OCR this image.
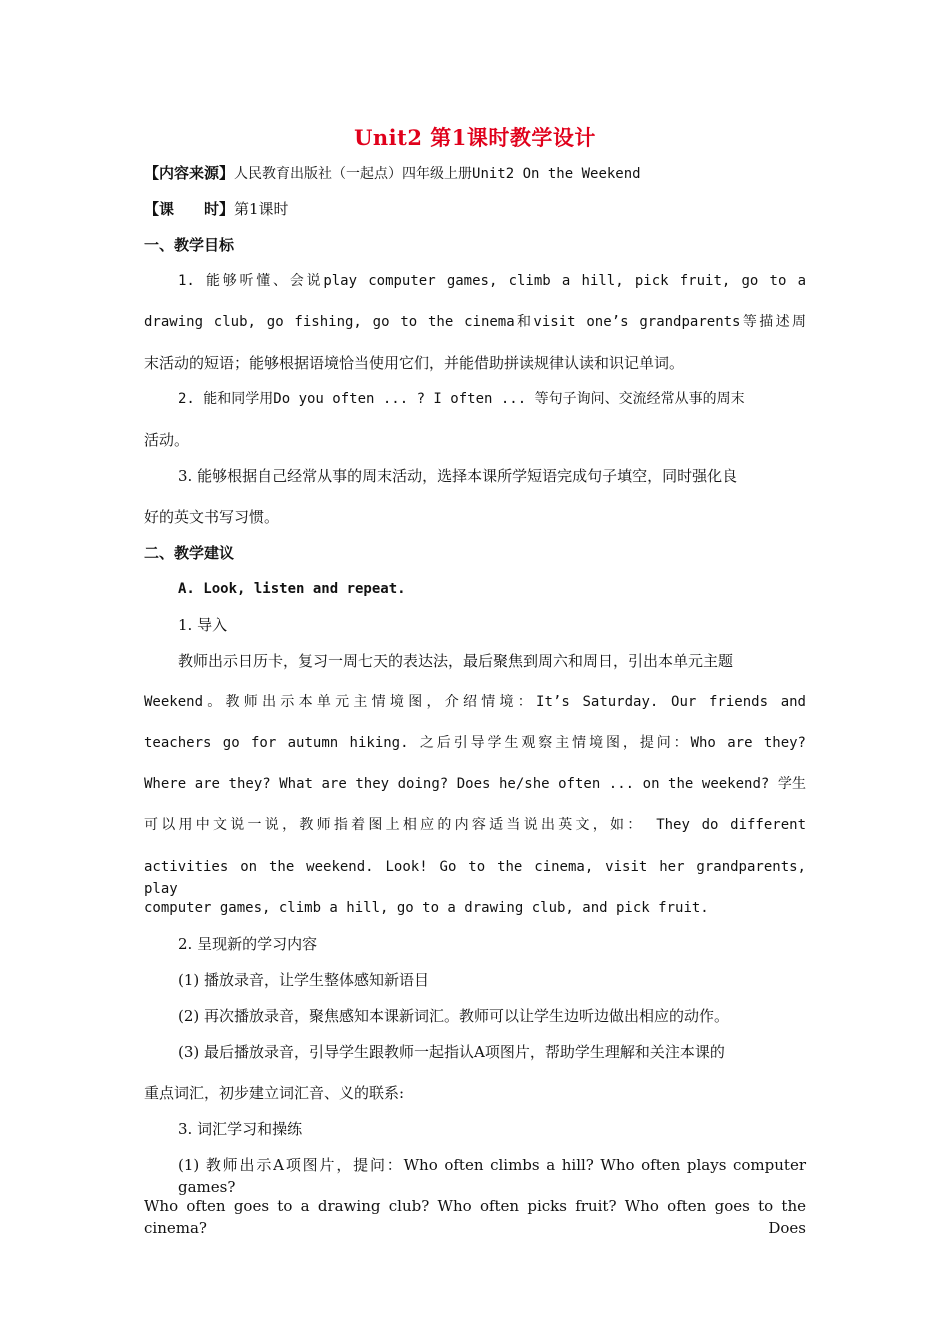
Unit2 第1课时教学设计
【内容来源】人民教育出版社（一起点）四年级上册Unit2 On the Weekend
【课　　时】第1课时
一、教学目标
1. 能够听懂、会说play computer games, climb a hill, pick fruit, go to a
drawing club, go fishing, go to the cinema和visit one’s grandparents等描述周
末活动的短语；能够根据语境恰当使用它们，并能借助拼读规律认读和识记单词。
2. 能和同学用Do you often ... ? I often ... 等句子询问、交流经常从事的周末
活动。
3. 能够根据自己经常从事的周末活动，选择本课所学短语完成句子填空，同时强化良
好的英文书写习惯。
二、教学建议
A. Look, listen and repeat.
1. 导入
教师出示日历卡，复习一周七天的表达法，最后聚焦到周六和周日，引出本单元主题
Weekend。教师出示本单元主情境图，介绍情境：It’s Saturday. Our friends and
teachers go for autumn hiking. 之后引导学生观察主情境图，提问：Who are they?
Where are they? What are they doing? Does he/she often ... on the weekend? 学生
可以用中文说一说，教师指着图上相应的内容适当说出英文，如： They do different
activities on the weekend. Look! Go to the cinema, visit her grandparents, play
computer games, climb a hill, go to a drawing club, and pick fruit.
2. 呈现新的学习内容
(1) 播放录音，让学生整体感知新语目
(2) 再次播放录音，聚焦感知本课新词汇。教师可以让学生边听边做出相应的动作。
(3) 最后播放录音，引导学生跟教师一起指认A项图片，帮助学生理解和关注本课的
重点词汇，初步建立词汇音、义的联系:
3. 词汇学习和操练
(1) 教师出示A项图片，提问：Who often climbs a hill? Who often plays computer games?
Who often goes to a drawing club? Who often picks fruit? Who often goes to the cinema? Does
